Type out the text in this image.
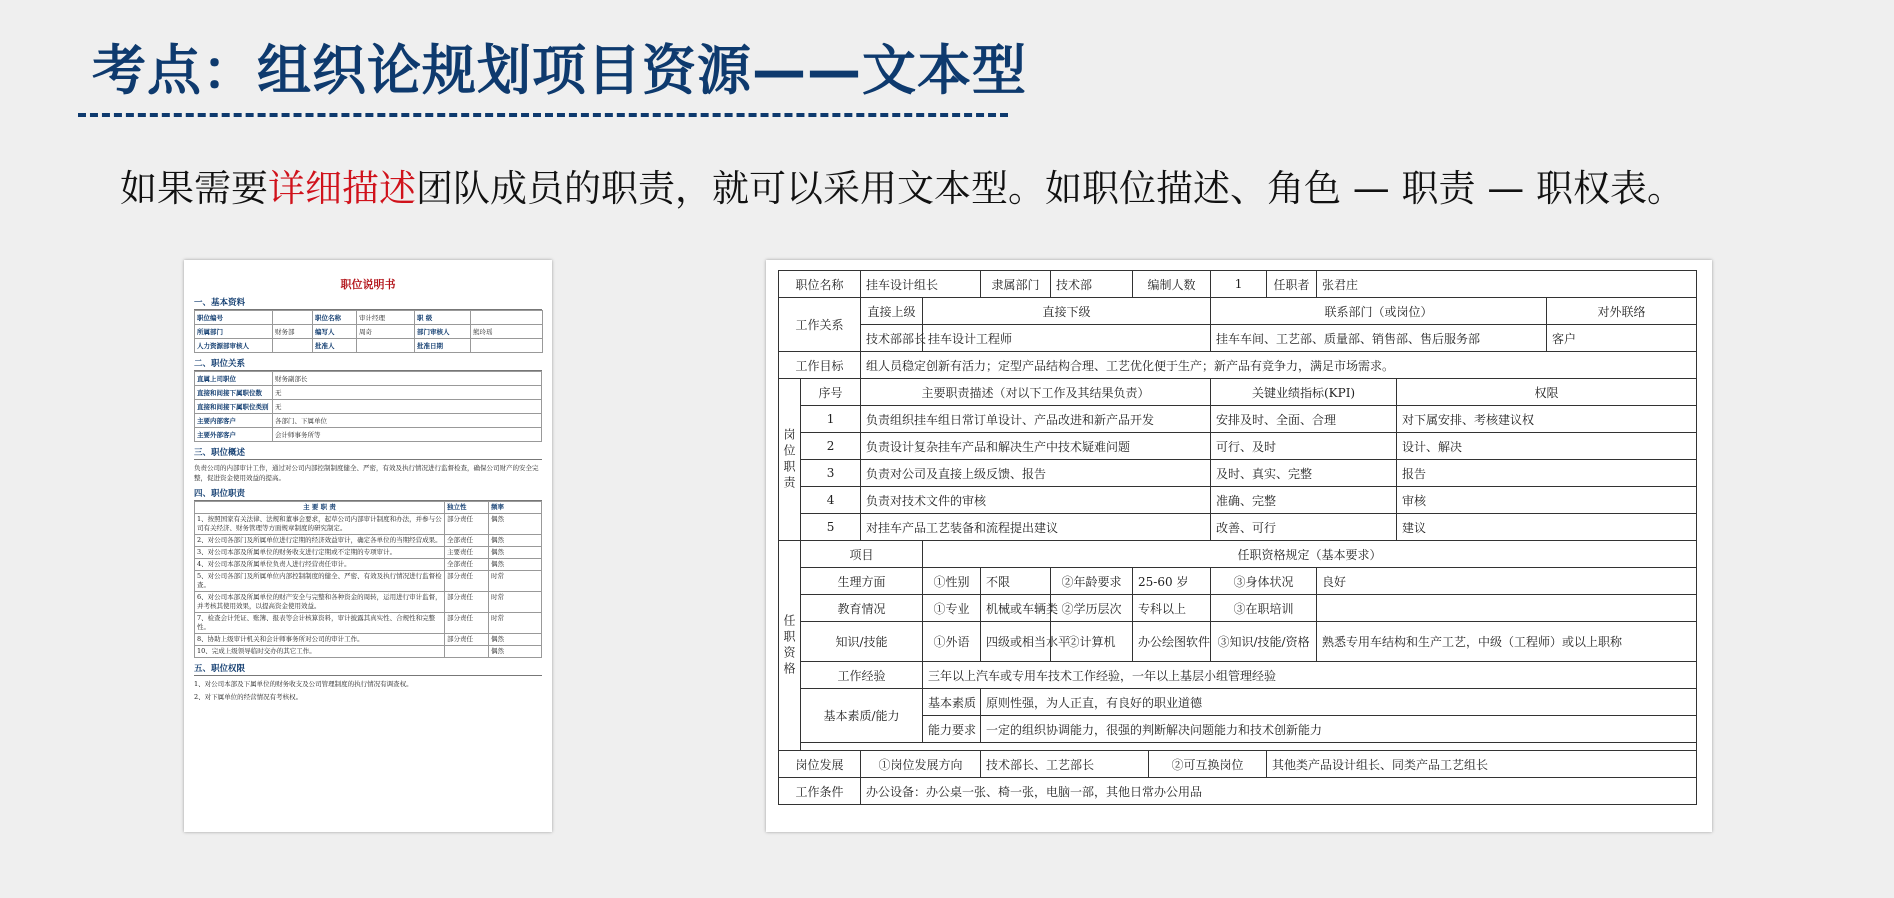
考点：组织论规划项目资源——文本型
如果需要详细描述团队成员的职责，就可以采用文本型。如职位描述、角色 — 职责 — 职权表。
职位说明书
一、基本资料
职位编号		职位名称	审计经理	职 级	
所属部门	财务部	编写人	周奇	部门审核人	熊玲瑶
人力资源部审核人		批准人		批准日期	
二、职位关系
直属上司职位	财务副部长
直接和间接下属职位数	无
直接和间接下属职位类别	无
主要内部客户	各部门、下属单位
主要外部客户	会计师事务所等
三、职位概述
负责公司的内部审计工作，通过对公司内部控制制度健全、严密，有效及执行情况进行监督检查，确保公司财产的安全完整，促进资金使用效益的提高。
四、职位职责
主 要 职 责	独立性	频率
1、按照国家有关法律、法规和董事会要求，起草公司内部审计制度和办法，并参与公司有关经济、财务管理等方面规章制度的研究制定。	部分责任	偶然
2、对公司各部门及所属单位进行定期的经济效益审计，确定各单位的当期经营成果。	全部责任	偶然
3、对公司本部及所属单位的财务收支进行定期或不定期的专项审计。	主要责任	偶然
4、对公司本部及所属单位负责人进行经营责任审计。	全部责任	偶然
5、对公司各部门及所属单位内部控制制度的健全、严密、有效及执行情况进行监督检查。	部分责任	时常
6、对公司本部及所属单位的财产安全与完整和各种资金的周转，运用进行审计监督，并考核其使用效果，以提高资金使用效益。	部分责任	时常
7、检查会计凭证、账簿、报表等会计核算资料，审计披露其真实性、合规性和完整性。	部分责任	时常
8、协助上级审计机关和会计师事务所对公司的审计工作。	部分责任	偶然
10、完成上级领导临时交办的其它工作。		偶然
五、职位权限
1、对公司本部及下属单位的财务收支及公司管理制度的执行情况有调查权。
2、对下属单位的经营情况有考核权。
职位名称		挂车设计组长		隶属部门	技术部	编制人数		1	任职者	张君庄		
工作关系		直接上级	直接下级					联系部门（或岗位）				对外联络
		技术部部长	挂车设计工程师					挂车车间、工艺部、质量部、销售部、售后服务部				客户
工作目标		组人员稳定创新有活力；定型产品结构合理、工艺优化便于生产；新产品有竞争力，满足市场需求。										
岗位职责	序号	主要职责描述（对以下工作及其结果负责）						关键业绩指标(KPI)			权限	
	1	负责组织挂车组日常订单设计、产品改进和新产品开发						安排及时、全面、合理			对下属安排、考核建议权	
	2	负责设计复杂挂车产品和解决生产中技术疑难问题						可行、及时			设计、解决	
	3	负责对公司及直接上级反馈、报告						及时、真实、完整			报告	
	4	负责对技术文件的审核						准确、完整			审核	
	5	对挂车产品工艺装备和流程提出建议						改善、可行			建议	
任职资格	项目		任职资格规定（基本要求）									
	生理方面		①性别	不限	②年龄要求	25-60 岁		③身体状况		良好		
	教育情况		①专业	机械或车辆类	②学历层次	专科以上		③在职培训				
	知识/技能		①外语	四级或相当水平	②计算机	办公绘图软件		③知识/技能/资格		熟悉专用车结构和生产工艺，中级（工程师）或以上职称		
	工作经验		三年以上汽车或专用车技术工作经验，一年以上基层小组管理经验									
	基本素质/能力		基本素质	原则性强，为人正直，有良好的职业道德								
			能力要求	一定的组织协调能力，很强的判断解决问题能力和技术创新能力								

岗位发展		①岗位发展方向		技术部长、工艺部长			②可互换岗位		其他类产品设计组长、同类产品工艺组长			
工作条件		办公设备：办公桌一张、椅一张，电脑一部，其他日常办公用品										
